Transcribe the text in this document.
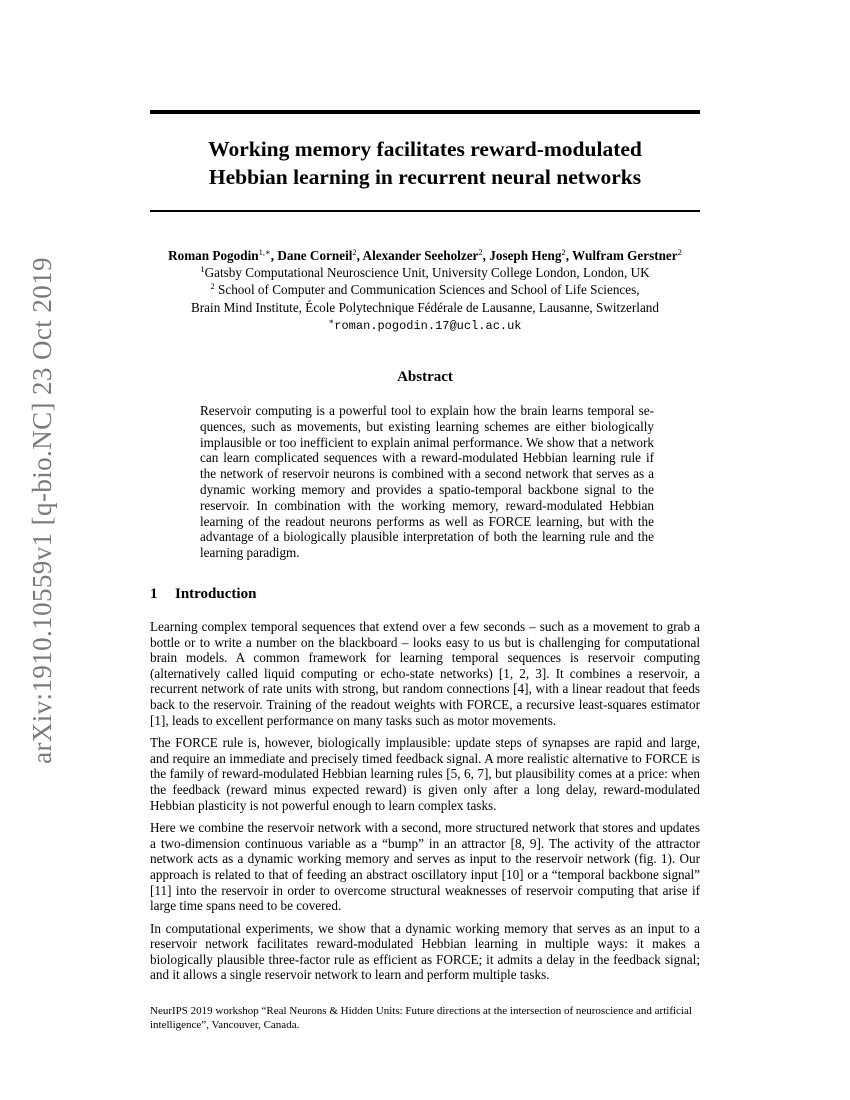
arXiv:1910.10559v1 [q-bio.NC] 23 Oct 2019
Working memory facilitates reward-modulated
Hebbian learning in recurrent neural networks
Roman Pogodin$^{1,∗}$, Dane Corneil$^2$, Alexander Seeholzer$^2$, Joseph Heng$^2$, Wulfram Gerstner$^2$
$^1$Gatsby Computational Neuroscience Unit, University College London, London, UK
$^2$ School of Computer and Communication Sciences and School of Life Sciences,
Brain Mind Institute, École Polytechnique Fédérale de Lausanne, Lausanne, Switzerland
∗roman.pogodin.17@ucl.ac.uk
Abstract
Reservoir computing is a powerful tool to explain how the brain learns temporal sequences, such as movements, but existing learning schemes are either biologically implausible or too inefficient to explain animal performance. We show that a network can learn complicated sequences with a reward-modulated Hebbian learning rule if the network of reservoir neurons is combined with a second network that serves as a dynamic working memory and provides a spatio-temporal backbone signal to the reservoir. In combination with the working memory, reward-modulated Hebbian learning of the readout neurons performs as well as FORCE learning, but with the advantage of a biologically plausible interpretation of both the learning rule and the learning paradigm.
1 Introduction

Learning complex temporal sequences that extend over a few seconds – such as a movement to grab a bottle or to write a number on the blackboard – looks easy to us but is challenging for computational brain models. A common framework for learning temporal sequences is reservoir computing (alternatively called liquid computing or echo-state networks) [1, 2, 3]. It combines a reservoir, a recurrent network of rate units with strong, but random connections [4], with a linear readout that feeds back to the reservoir. Training of the readout weights with FORCE, a recursive least-squares estimator [1], leads to excellent performance on many tasks such as motor movements.

The FORCE rule is, however, biologically implausible: update steps of synapses are rapid and large, and require an immediate and precisely timed feedback signal. A more realistic alternative to FORCE is the family of reward-modulated Hebbian learning rules [5, 6, 7], but plausibility comes at a price: when the feedback (reward minus expected reward) is given only after a long delay, reward-modulated Hebbian plasticity is not powerful enough to learn complex tasks.

Here we combine the reservoir network with a second, more structured network that stores and updates a two-dimension continuous variable as a “bump” in an attractor [8, 9]. The activity of the attractor network acts as a dynamic working memory and serves as input to the reservoir network (fig. 1). Our approach is related to that of feeding an abstract oscillatory input [10] or a “temporal backbone signal” [11] into the reservoir in order to overcome structural weaknesses of reservoir computing that arise if large time spans need to be covered.

In computational experiments, we show that a dynamic working memory that serves as an input to a reservoir network facilitates reward-modulated Hebbian learning in multiple ways: it makes a biologically plausible three-factor rule as efficient as FORCE; it admits a delay in the feedback signal; and it allows a single reservoir network to learn and perform multiple tasks.

NeurIPS 2019 workshop “Real Neurons & Hidden Units: Future directions at the intersection of neuroscience and artificial intelligence”, Vancouver, Canada.
